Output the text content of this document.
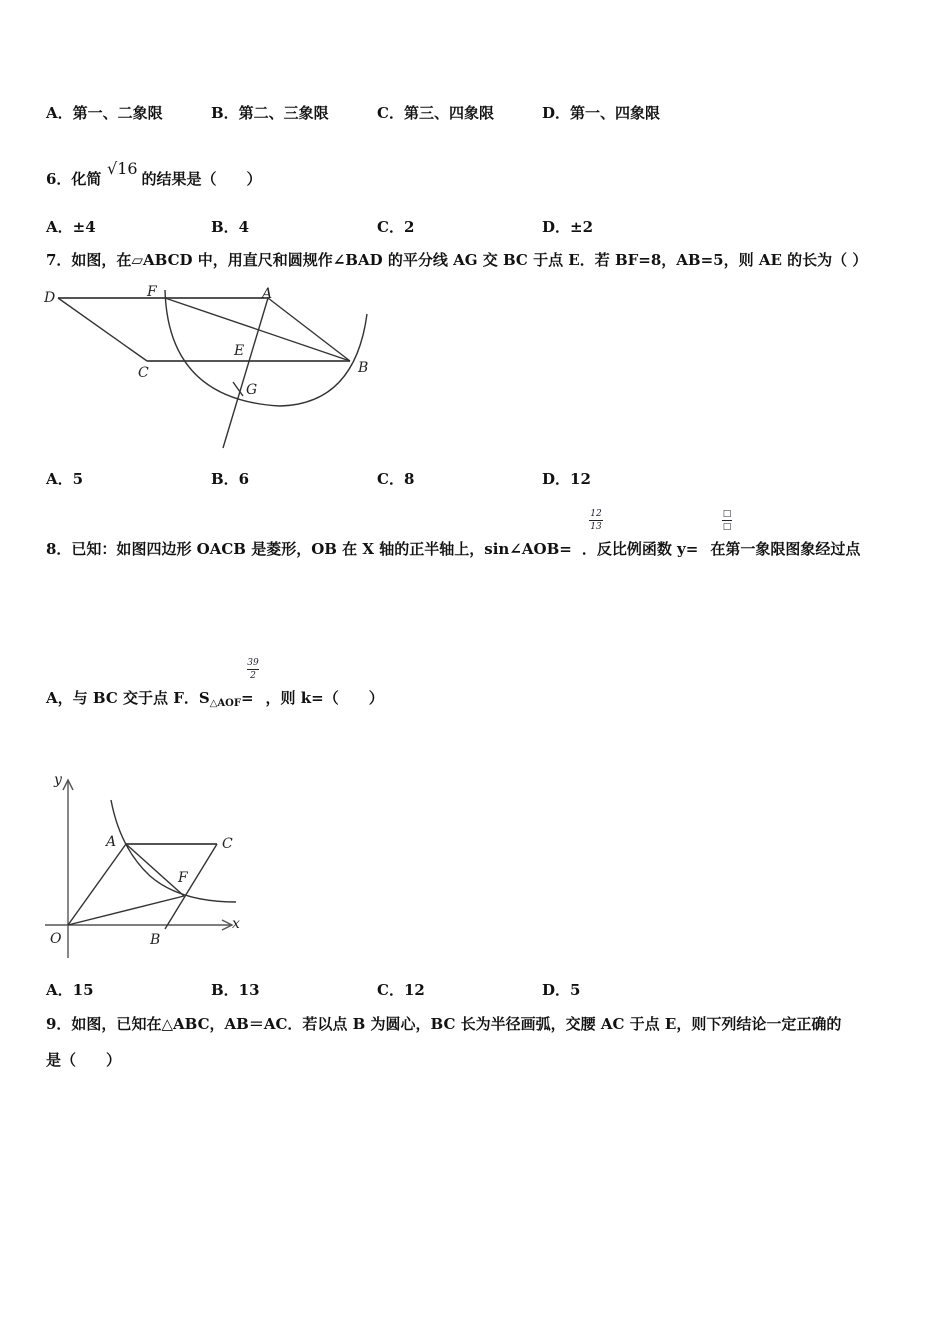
A．第一、二象限	B．第二、三象限	C．第三、四象限	D．第一、四象限
6．化简	的结果是（　　）
√16
A．±4	B．4	C．2	D．±2
7．如图，在▱ABCD 中，用直尺和圆规作∠BAD 的平分线 AG 交 BC 于点 E．若 BF=8，AB=5，则 AE 的长为（ ）
D	F	A
E
C	B
G
A．5	B．6	C．8	D．12
8．已知：如图四边形 OACB 是菱形，OB 在 X 轴的正半轴上，sin∠AOB= ．反比例函数 y= 在第一象限图象经过点
12
13
□
□
A，与 BC 交于点 F．$S_{\triangle AOF}=$ ，则 k=（　　）
39
2
y
x
O
A	C
F
B
A．15	B．13	C．12	D．5
9．如图，已知在△ABC，AB＝AC．若以点 B 为圆心，BC 长为半径画弧，交腰 AC 于点 E，则下列结论一定正确的
是（　　）
